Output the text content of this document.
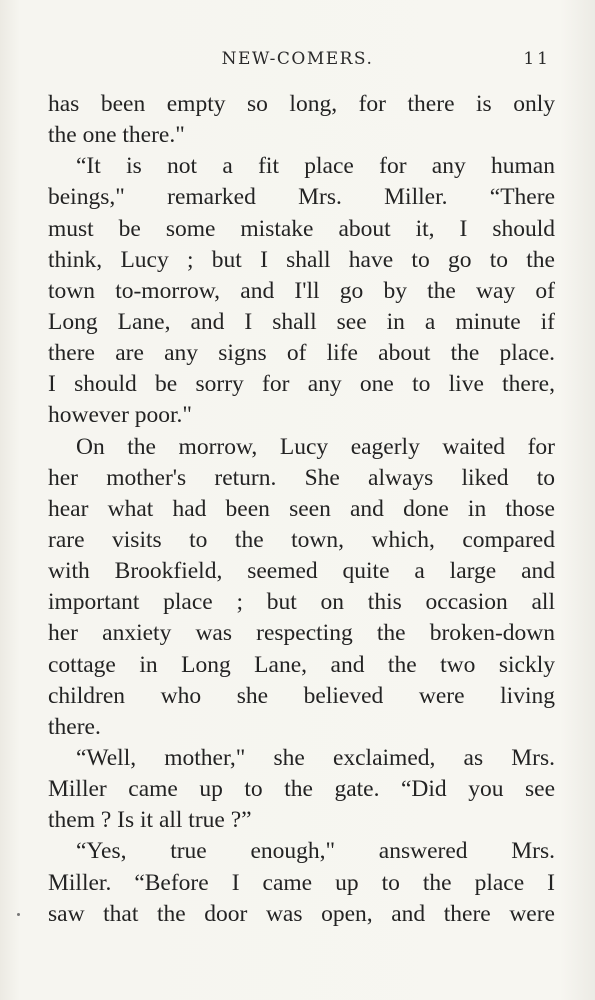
NEW-COMERS.	11
has been empty so long, for there is only
the one there."
“It is not a fit place for any human
beings," remarked Mrs. Miller. “There
must be some mistake about it, I should
think, Lucy ; but I shall have to go to the
town to-morrow, and I'll go by the way of
Long Lane, and I shall see in a minute if
there are any signs of life about the place.
I should be sorry for any one to live there,
however poor."
On the morrow, Lucy eagerly waited for
her mother's return. She always liked to
hear what had been seen and done in those
rare visits to the town, which, compared
with Brookfield, seemed quite a large and
important place ; but on this occasion all
her anxiety was respecting the broken-down
cottage in Long Lane, and the two sickly
children who she believed were living
there.
“Well, mother," she exclaimed, as Mrs.
Miller came up to the gate. “Did you see
them ? Is it all true ?”
“Yes, true enough," answered Mrs.
Miller. “Before I came up to the place I
saw that the door was open, and there were
